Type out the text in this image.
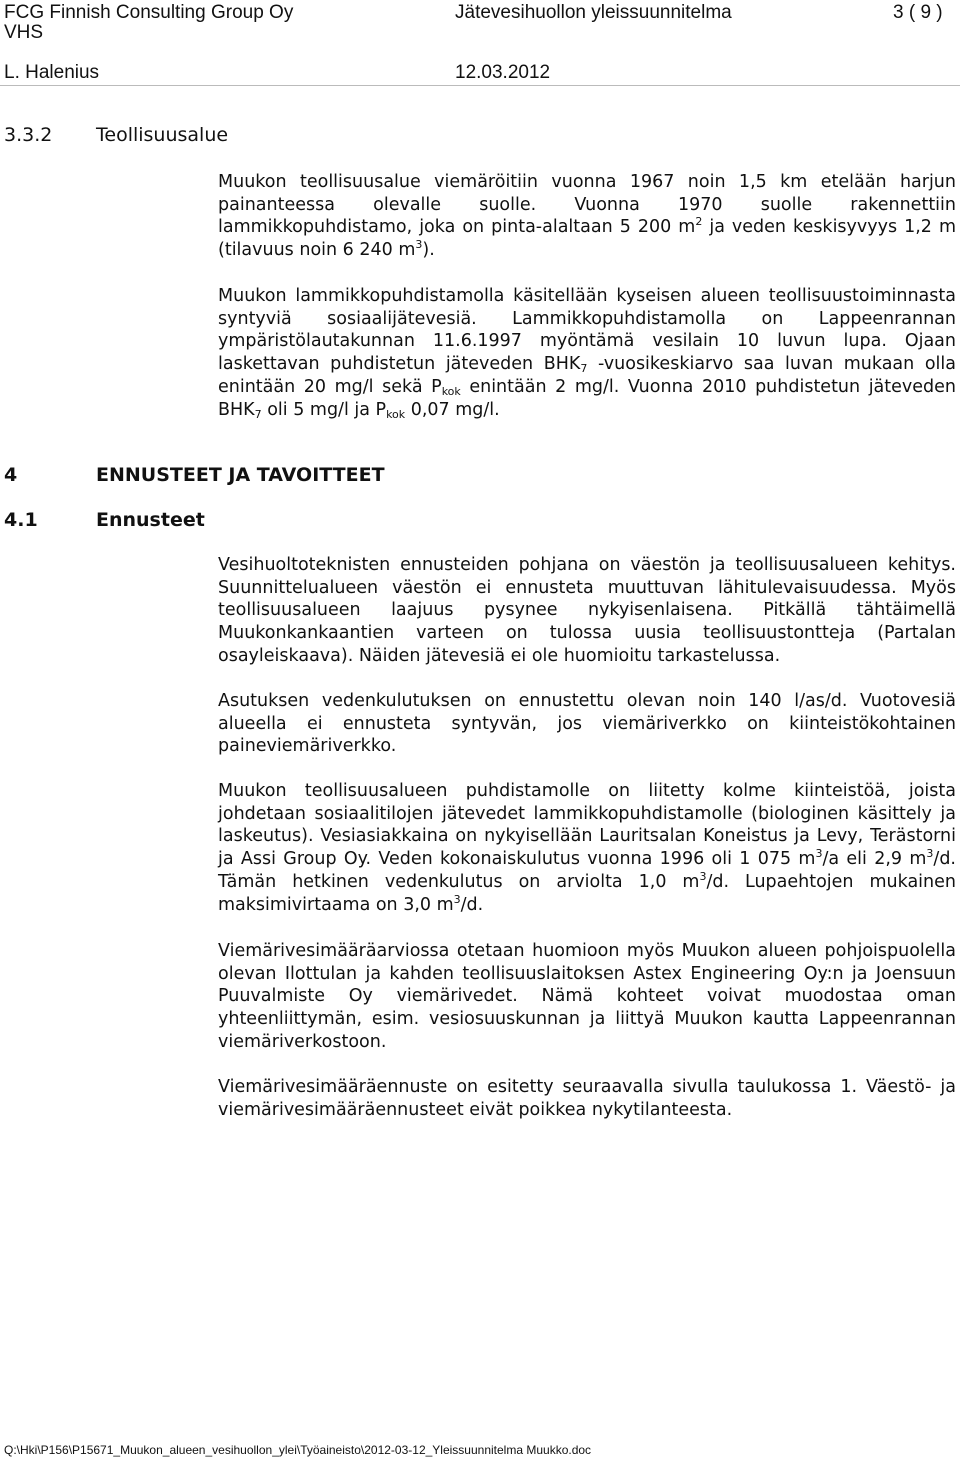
FCG Finnish Consulting Group Oy
VHS
L. Halenius
Jätevesihuollon yleissuunnitelma
12.03.2012
3 ( 9 )
3.3.2 Teollisuusalue

Muukon teollisuusalue viemäröitiin vuonna 1967 noin 1,5 km etelään harjun painanteessa olevalle suolle. Vuonna 1970 suolle rakennettiin lammikkopuhdistamo, joka on pinta-alaltaan 5 200 $m^2$ ja veden keskisyvyys 1,2 m (tilavuus noin 6 240 $m^3$).

Muukon lammikkopuhdistamolla käsitellään kyseisen alueen teollisuustoiminnasta syntyviä sosiaalijätevesiä. Lammikkopuhdistamolla on Lappeenrannan ympäristölautakunnan 11.6.1997 myöntämä vesilain 10 luvun lupa. Ojaan laskettavan puhdistetun jäteveden $BHK_7$ -vuosikeskiarvo saa luvan mukaan olla enintään 20 mg/l sekä $P_{kok}$ enintään 2 mg/l. Vuonna 2010 puhdistetun jäteveden $BHK_7$ oli 5 mg/l ja $P_{kok}$ 0,07 mg/l.

4	ENNUSTEET JA TAVOITTEET
4.1	Ennusteet

Vesihuoltoteknisten ennusteiden pohjana on väestön ja teollisuusalueen kehitys. Suunnittelualueen väestön ei ennusteta muuttuvan lähitulevaisuudessa. Myös teollisuusalueen laajuus pysynee nykyisenlaisena. Pitkällä tähtäimellä Muukonkankaantien varteen on tulossa uusia teollisuustontteja (Partalan osayleiskaava). Näiden jätevesiä ei ole huomioitu tarkastelussa.

Asutuksen vedenkulutuksen on ennustettu olevan noin 140 l/as/d. Vuotovesiä alueella ei ennusteta syntyvän, jos viemäriverkko on kiinteistökohtainen paineviemäriverkko.

Muukon teollisuusalueen puhdistamolle on liitetty kolme kiinteistöä, joista johdetaan sosiaalitilojen jätevedet lammikkopuhdistamolle (biologinen käsittely ja laskeutus). Vesiasiakkaina on nykyisellään Lauritsalan Koneistus ja Levy, Terästorni ja Assi Group Oy. Veden kokonaiskulutus vuonna 1996 oli 1 075 $m^3/a$ eli 2,9 $m^3/d$. Tämän hetkinen vedenkulutus on arviolta 1,0 $m^3/d$. Lupaehtojen mukainen maksimivirtaama on 3,0 $m^3/d$.

Viemärivesimääräarviossa otetaan huomioon myös Muukon alueen pohjoispuolella olevan Ilottulan ja kahden teollisuuslaitoksen Astex Engineering Oy:n ja Joensuun Puuvalmiste Oy viemärivedet. Nämä kohteet voivat muodostaa oman yhteenliittymän, esim. vesiosuuskunnan ja liittyä Muukon kautta Lappeenrannan viemäriverkostoon.

Viemärivesimääräennuste on esitetty seuraavalla sivulla taulukossa 1. Väestö- ja viemärivesimääräennusteet eivät poikkea nykytilanteesta.

Q:\Hki\P156\P15671_Muukon_alueen_vesihuollon_ylei\Työaineisto\2012-03-12_Yleissuunnitelma Muukko.doc
